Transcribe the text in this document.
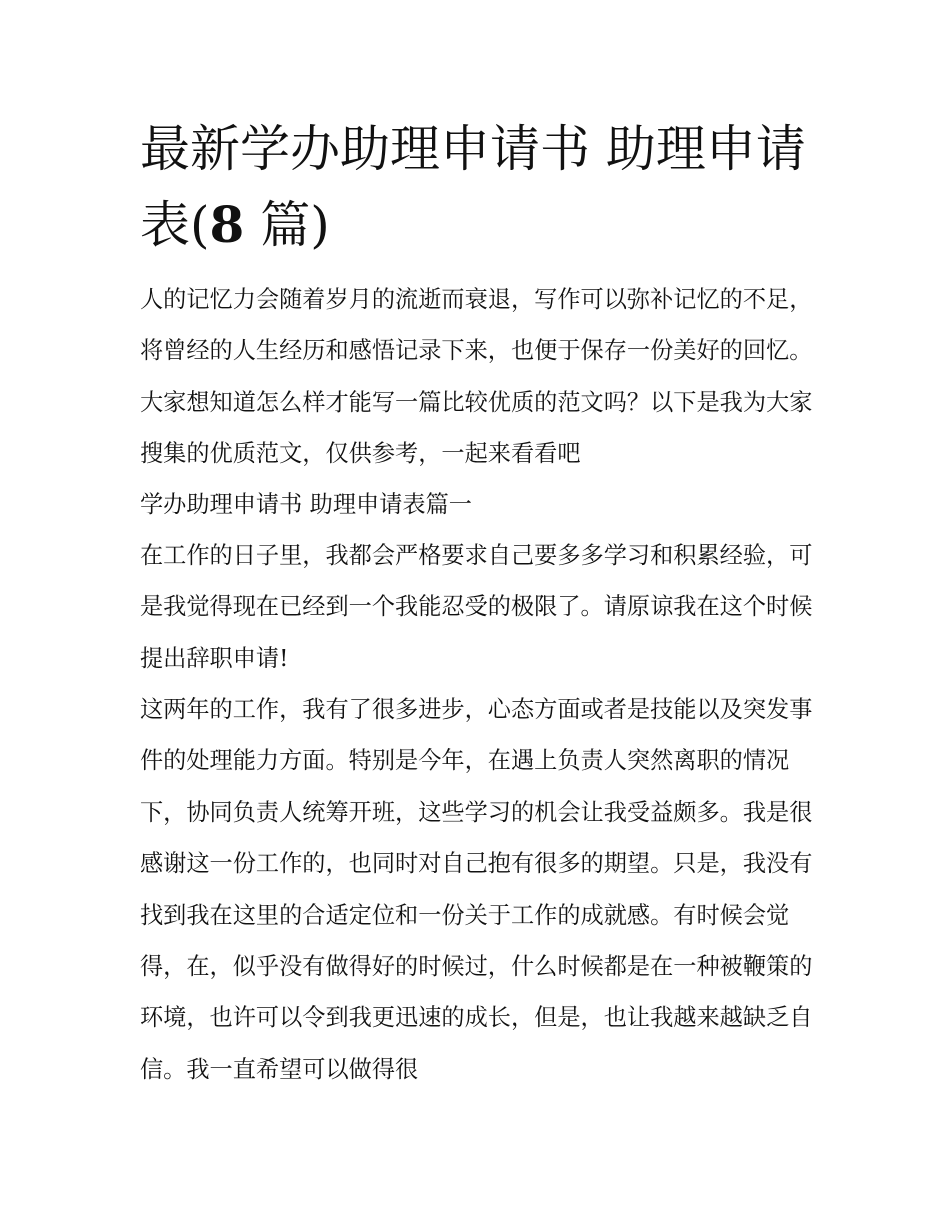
最新学办助理申请书 助理申请表(8 篇)

人的记忆力会随着岁月的流逝而衰退，写作可以弥补记忆的不足，将曾经的人生经历和感悟记录下来，也便于保存一份美好的回忆。大家想知道怎么样才能写一篇比较优质的范文吗？以下是我为大家搜集的优质范文，仅供参考，一起来看看吧

学办助理申请书 助理申请表篇一

在工作的日子里，我都会严格要求自己要多多学习和积累经验，可是我觉得现在已经到一个我能忍受的极限了。请原谅我在这个时候提出辞职申请!

这两年的工作，我有了很多进步，心态方面或者是技能以及突发事件的处理能力方面。特别是今年，在遇上负责人突然离职的情况下，协同负责人统筹开班，这些学习的机会让我受益颇多。我是很感谢这一份工作的，也同时对自己抱有很多的期望。只是，我没有找到我在这里的合适定位和一份关于工作的成就感。有时候会觉得，在，似乎没有做得好的时候过，什么时候都是在一种被鞭策的环境，也许可以令到我更迅速的成长，但是，也让我越来越缺乏自信。我一直希望可以做得很
